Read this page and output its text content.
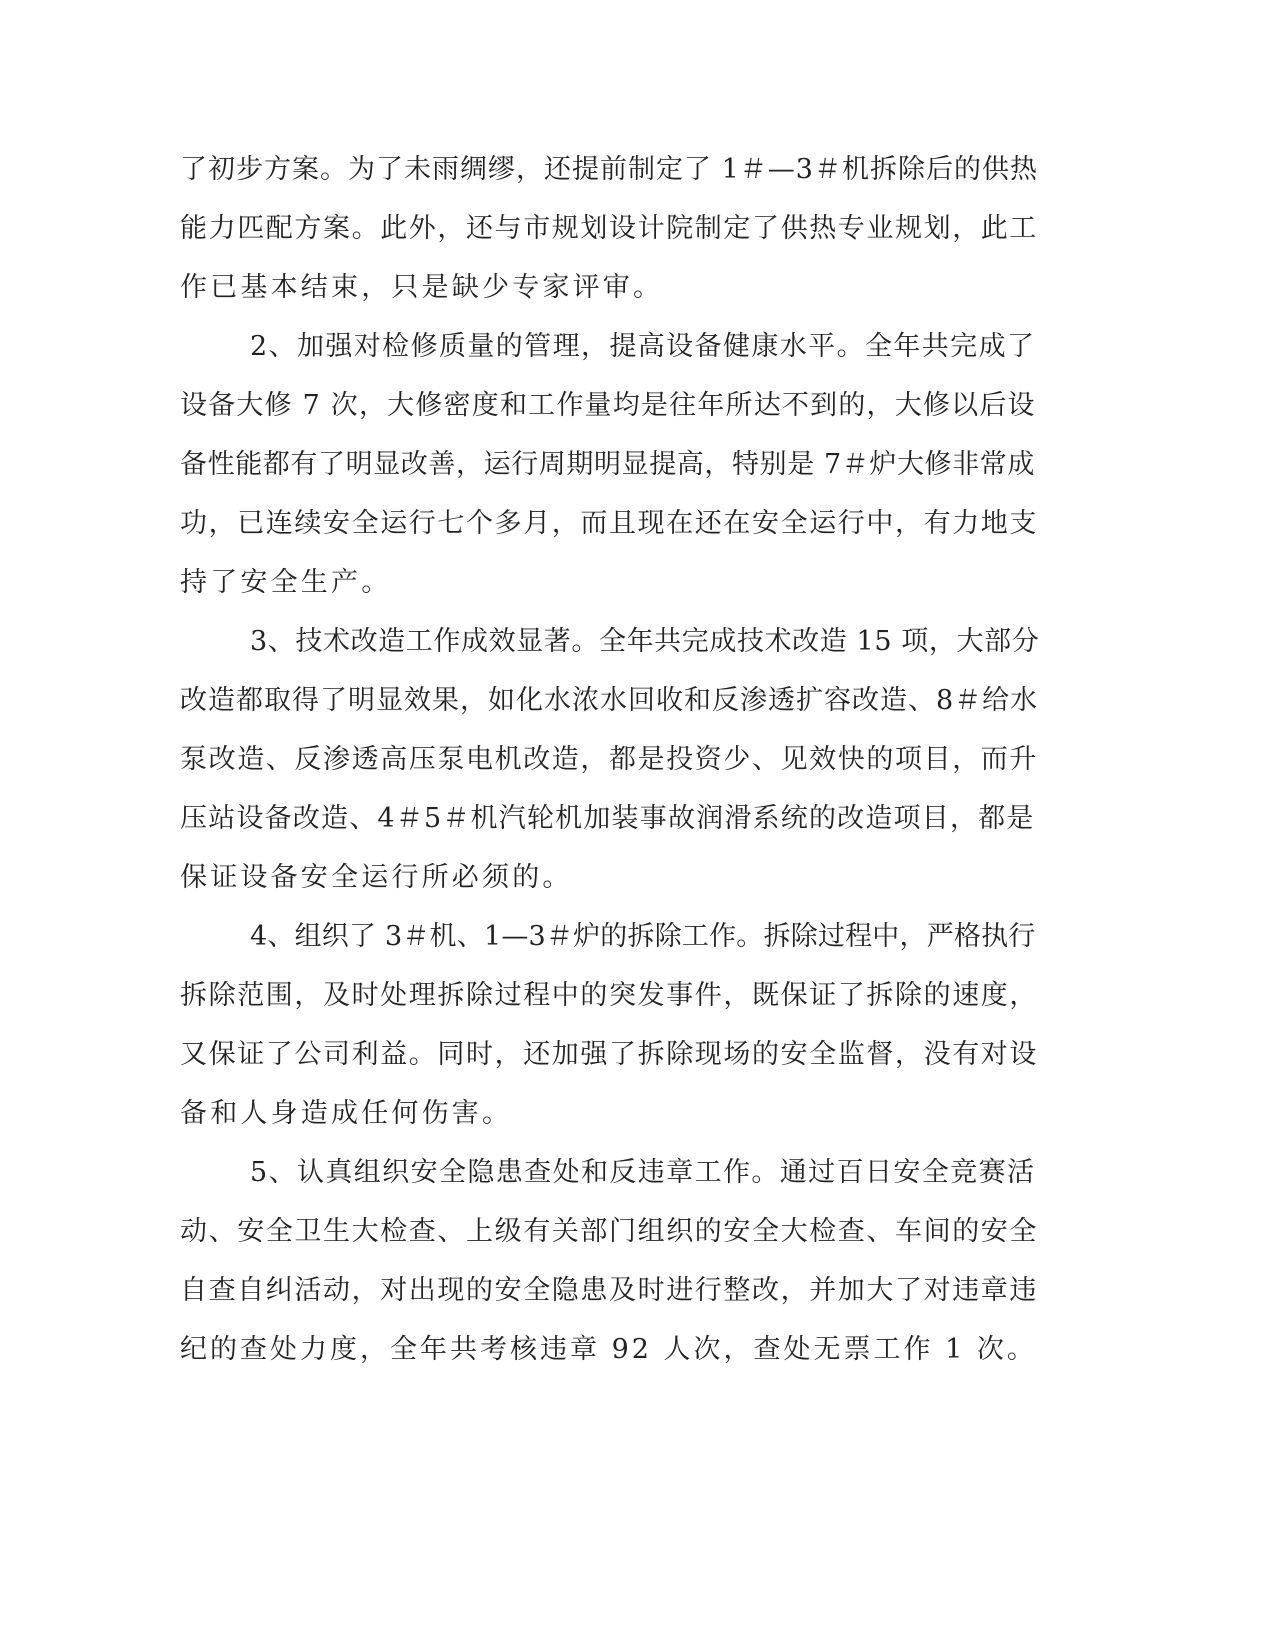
了初步方案。为了未雨绸缪，还提前制定了 1＃—3＃机拆除后的供热
能力匹配方案。此外，还与市规划设计院制定了供热专业规划，此工
作已基本结束，只是缺少专家评审。
2、加强对检修质量的管理，提高设备健康水平。全年共完成了
设备大修 7 次，大修密度和工作量均是往年所达不到的，大修以后设
备性能都有了明显改善，运行周期明显提高，特别是 7＃炉大修非常成
功，已连续安全运行七个多月，而且现在还在安全运行中，有力地支
持了安全生产。
3、技术改造工作成效显著。全年共完成技术改造 15 项，大部分
改造都取得了明显效果，如化水浓水回收和反渗透扩容改造、8＃给水
泵改造、反渗透高压泵电机改造，都是投资少、见效快的项目，而升
压站设备改造、4＃5＃机汽轮机加装事故润滑系统的改造项目，都是
保证设备安全运行所必须的。
4、组织了 3＃机、1—3＃炉的拆除工作。拆除过程中，严格执行
拆除范围，及时处理拆除过程中的突发事件，既保证了拆除的速度，
又保证了公司利益。同时，还加强了拆除现场的安全监督，没有对设
备和人身造成任何伤害。
5、认真组织安全隐患查处和反违章工作。通过百日安全竞赛活
动、安全卫生大检查、上级有关部门组织的安全大检查、车间的安全
自查自纠活动，对出现的安全隐患及时进行整改，并加大了对违章违
纪的查处力度，全年共考核违章 92 人次，查处无票工作 1 次。
